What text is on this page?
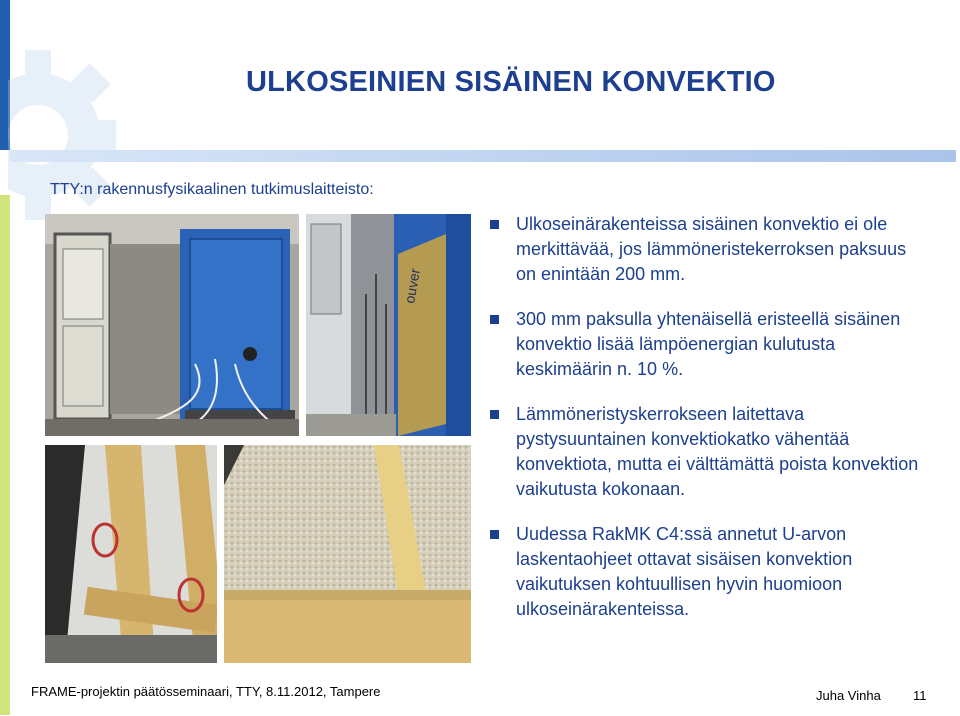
ULKOSEINIEN SISÄINEN KONVEKTIO
TTY:n rakennusfysikaalinen tutkimuslaitteisto:
ouver
Ulkoseinärakenteissa sisäinen konvektio ei ole merkittävää, jos lämmöneristekerroksen paksuus on enintään 200 mm.
300 mm paksulla yhtenäisellä eristeellä sisäinen konvektio lisää lämpöenergian kulutusta keskimäärin n. 10 %.
Lämmöneristyskerrokseen laitettava pystysuuntainen konvektiokatko vähentää konvektiota, mutta ei välttämättä poista konvektion vaikutusta kokonaan.
Uudessa RakMK C4:ssä annetut U-arvon laskentaohjeet ottavat sisäisen konvektion vaikutuksen kohtuullisen hyvin huomioon ulkoseinärakenteissa.
FRAME-projektin päätösseminaari, TTY, 8.11.2012, Tampere	Juha Vinha 11
